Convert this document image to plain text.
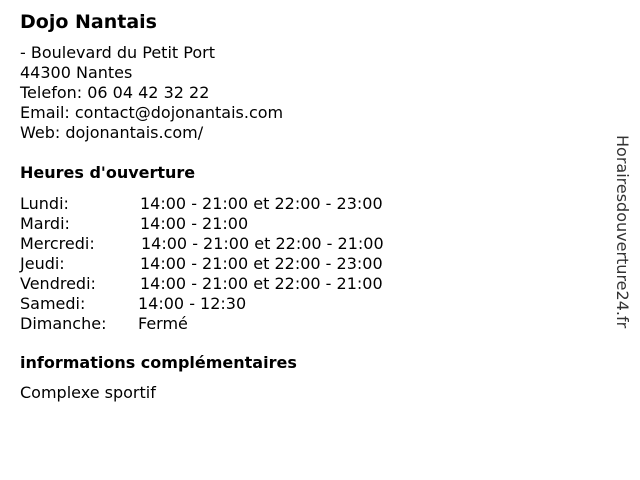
Dojo Nantais
- Boulevard du Petit Port
44300 Nantes
Telefon: 06 04 42 32 22
Email: contact@dojonantais.com
Web: dojonantais.com/
Heures d'ouverture
Lundi:	14:00 - 21:00 et 22:00 - 23:00
Mardi:	14:00 - 21:00
Mercredi:	14:00 - 21:00 et 22:00 - 21:00
Jeudi:	14:00 - 21:00 et 22:00 - 23:00
Vendredi:	14:00 - 21:00 et 22:00 - 21:00
Samedi:	14:00 - 12:30
Dimanche: Fermé
informations complémentaires
Complexe sportif
Horairesdouverture24.fr
